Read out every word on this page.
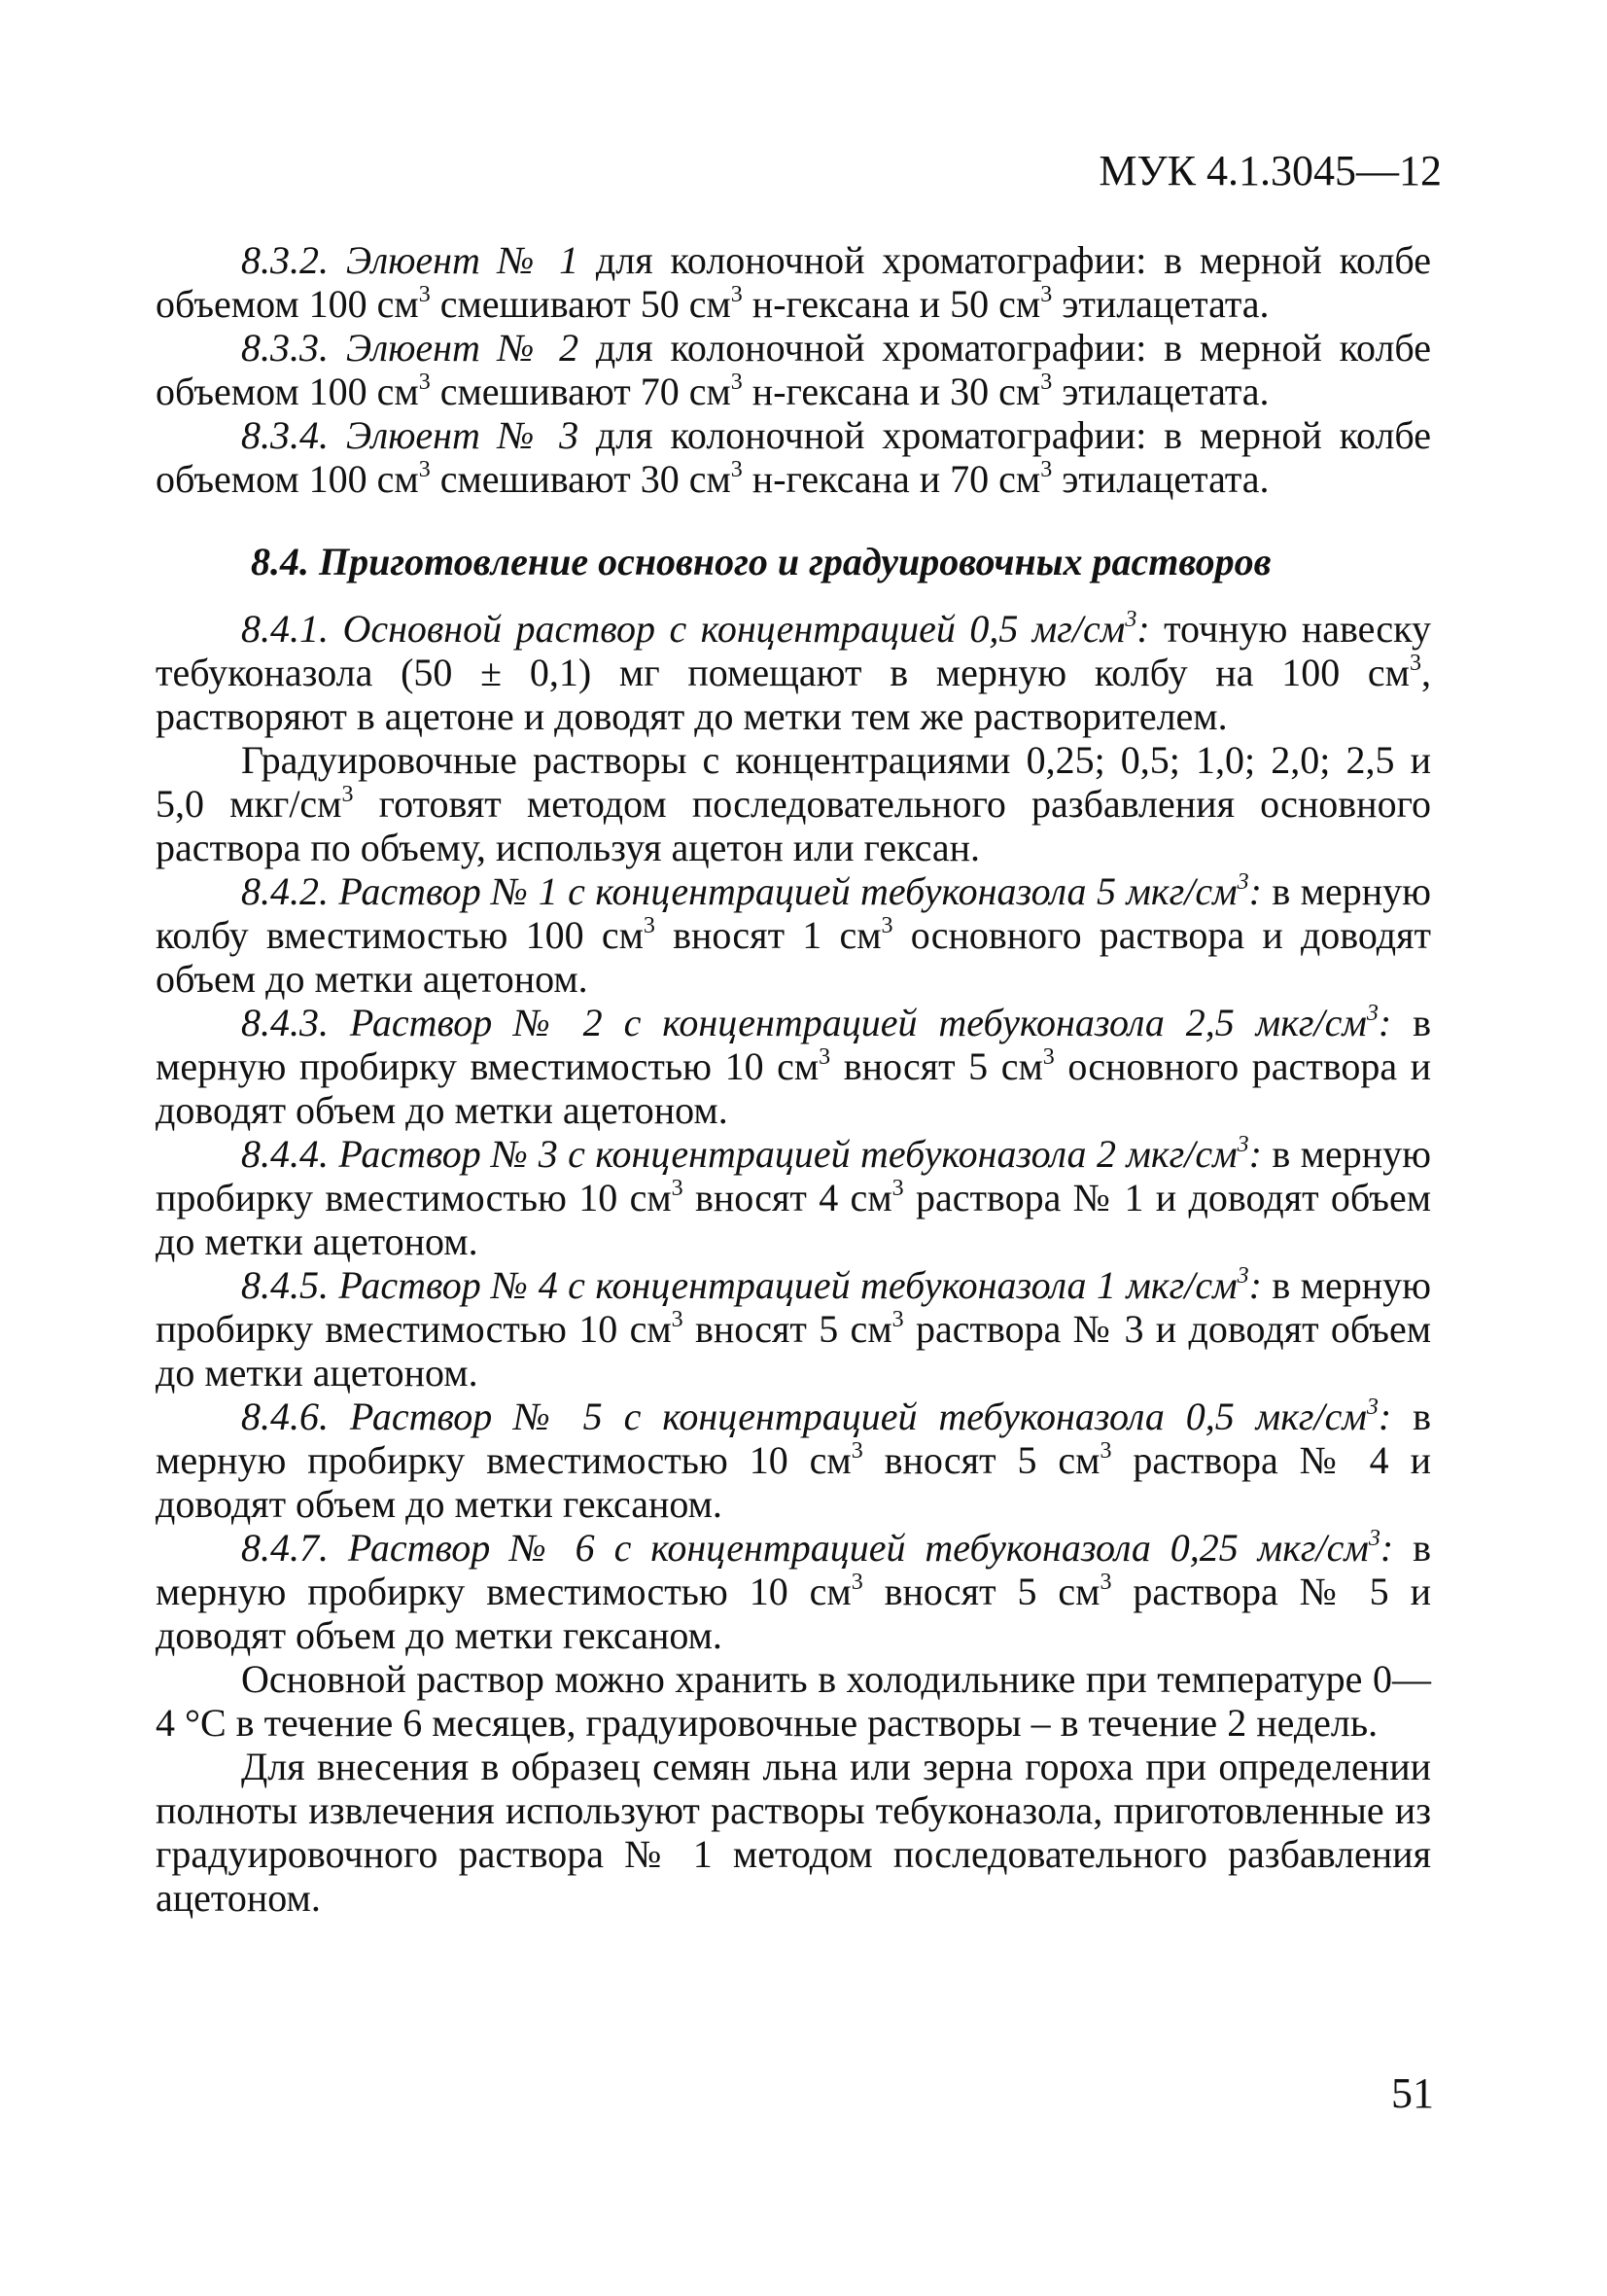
МУК 4.1.3045—12

8.3.2. Элюент № 1 для колоночной хроматографии: в мерной колбе объемом 100 $см^3$ смешивают 50 $см^3$ н-гексана и 50 $см^3$ этилацетата.

8.3.3. Элюент № 2 для колоночной хроматографии: в мерной колбе объемом 100 $см^3$ смешивают 70 $см^3$ н-гексана и 30 $см^3$ этилацетата.

8.3.4. Элюент № 3 для колоночной хроматографии: в мерной колбе объемом 100 $см^3$ смешивают 30 $см^3$ н-гексана и 70 $см^3$ этилацетата.

8.4. Приготовление основного и градуировочных растворов

8.4.1. Основной раствор с концентрацией 0,5 $мг/см^3$: точную навеску тебуконазола (50 ± 0,1) мг помещают в мерную колбу на 100 $см^3$, растворяют в ацетоне и доводят до метки тем же растворителем.

Градуировочные растворы с концентрациями 0,25; 0,5; 1,0; 2,0; 2,5 и 5,0 мкг/$см^3$ готовят методом последовательного разбавления основного раствора по объему, используя ацетон или гексан.

8.4.2. Раствор № 1 с концентрацией тебуконазола 5 мкг/$см^3$: в мерную колбу вместимостью 100 $см^3$ вносят 1 $см^3$ основного раствора и доводят объем до метки ацетоном.

8.4.3. Раствор № 2 с концентрацией тебуконазола 2,5 мкг/$см^3$: в мерную пробирку вместимостью 10 $см^3$ вносят 5 $см^3$ основного раствора и доводят объем до метки ацетоном.

8.4.4. Раствор № 3 с концентрацией тебуконазола 2 мкг/$см^3$: в мерную пробирку вместимостью 10 $см^3$ вносят 4 $см^3$ раствора № 1 и доводят объем до метки ацетоном.

8.4.5. Раствор № 4 с концентрацией тебуконазола 1 мкг/$см^3$: в мерную пробирку вместимостью 10 $см^3$ вносят 5 $см^3$ раствора № 3 и доводят объем до метки ацетоном.

8.4.6. Раствор № 5 с концентрацией тебуконазола 0,5 мкг/$см^3$: в мерную пробирку вместимостью 10 $см^3$ вносят 5 $см^3$ раствора № 4 и доводят объем до метки гексаном.

8.4.7. Раствор № 6 с концентрацией тебуконазола 0,25 мкг/$см^3$: в мерную пробирку вместимостью 10 $см^3$ вносят 5 $см^3$ раствора № 5 и доводят объем до метки гексаном.

Основной раствор можно хранить в холодильнике при температуре 0—4 °С в течение 6 месяцев, градуировочные растворы – в течение 2 недель.

Для внесения в образец семян льна или зерна гороха при определении полноты извлечения используют растворы тебуконазола, приготовленные из градуировочного раствора № 1 методом последовательного разбавления ацетоном.

51
